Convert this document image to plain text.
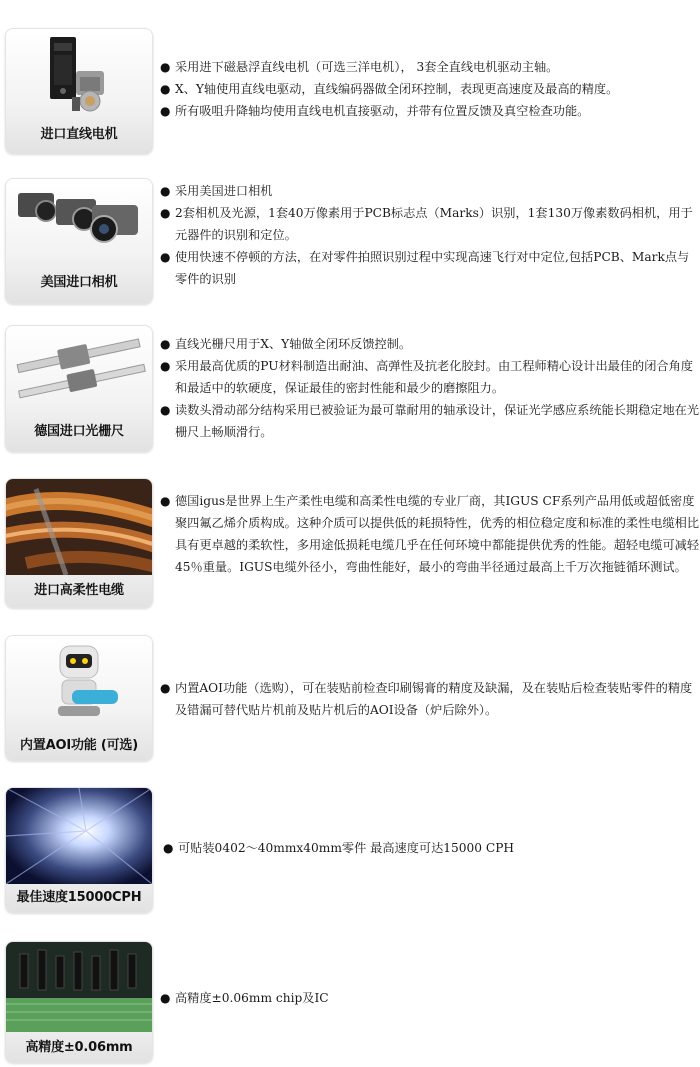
进口直线电机
● 采用进下磁悬浮直线电机（可选三洋电机）， 3套全直线电机驱动主轴。
● X、Y轴使用直线电驱动，直线编码器做全闭环控制，表现更高速度及最高的精度。
● 所有吸咀升降轴均使用直线电机直接驱动，并带有位置反馈及真空检查功能。
美国进口相机
● 采用美国进口相机
● 2套相机及光源，1套40万像素用于PCB标志点（Marks）识别，1套130万像素数码相机，用于元器件的识别和定位。
● 使用快速不停顿的方法，在对零件拍照识别过程中实现高速飞行对中定位,包括PCB、Mark点与零件的识别
德国进口光栅尺
● 直线光栅尺用于X、Y轴做全闭环反馈控制。
● 采用最高优质的PU材料制造出耐油、高弹性及抗老化胶封。由工程师精心设计出最佳的闭合角度和最适中的软硬度，保证最佳的密封性能和最少的磨擦阻力。
● 读数头滑动部分结构采用已被验证为最可靠耐用的轴承设计，保证光学感应系统能长期稳定地在光栅尺上畅顺滑行。
进口高柔性电缆
● 德国igus是世界上生产柔性电缆和高柔性电缆的专业厂商，其IGUS CF系列产品用低或超低密度聚四氟乙烯介质构成。这种介质可以提供低的耗损特性，优秀的相位稳定度和标准的柔性电缆相比具有更卓越的柔软性，多用途低损耗电缆几乎在任何环境中都能提供优秀的性能。超轻电缆可减轻45％重量。IGUS电缆外径小，弯曲性能好，最小的弯曲半径通过最高上千万次拖链循环测试。
内置AOI功能 (可选)
● 内置AOI功能（选购），可在装贴前检查印刷锡膏的精度及缺漏，及在装贴后检查装贴零件的精度及错漏可替代贴片机前及贴片机后的AOI设备（炉后除外）。
最佳速度15000CPH
● 可贴装0402～40mmx40mm零件 最高速度可达15000 CPH
高精度±0.06mm
● 高精度±0.06mm chip及IC
